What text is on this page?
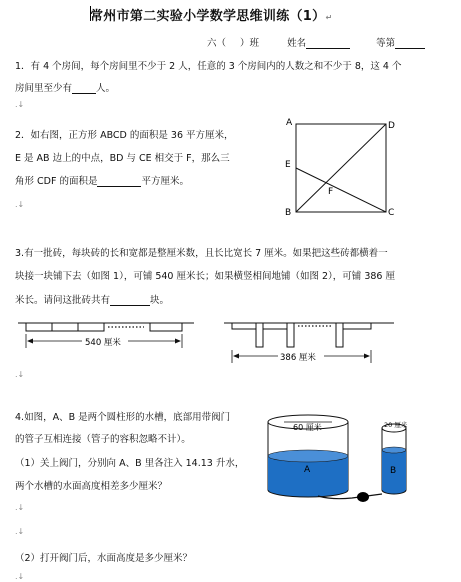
常州市第二实验小学数学思维训练（1）↵
六（ ）班	姓名	等第
1．有 4 个房间，每个房间里不少于 2 人，任意的 3 个房间内的人数之和不少于 8，这 4 个
房间里至少有	人。
.↓
2．如右图，正方形 ABCD 的面积是 36 平方厘米，
E 是 AB 边上的中点，BD 与 CE 相交于 F，那么三
角形 CDF 的面积是	平方厘米。
.↓
A	D
E
F
B	C
3.有一批砖，每块砖的长和宽都是整厘米数，且长比宽长 7 厘米。如果把这些砖都横着一
块接一块铺下去（如图 1），可铺 540 厘米长；如果横竖相间地铺（如图 2），可铺 386 厘
米长。请问这批砖共有	块。
540 厘米
386 厘米
.↓
4.如图，A、B 是两个圆柱形的水槽，底部用带阀门
的管子互相连接（管子的容积忽略不计）。
（1）关上阀门，分别向 A、B 里各注入 14.13 升水，
两个水槽的水面高度相差多少厘米？
.↓
.↓
（2）打开阀门后，水面高度是多少厘米？
.↓
60 厘米
A
20 厘米
B
